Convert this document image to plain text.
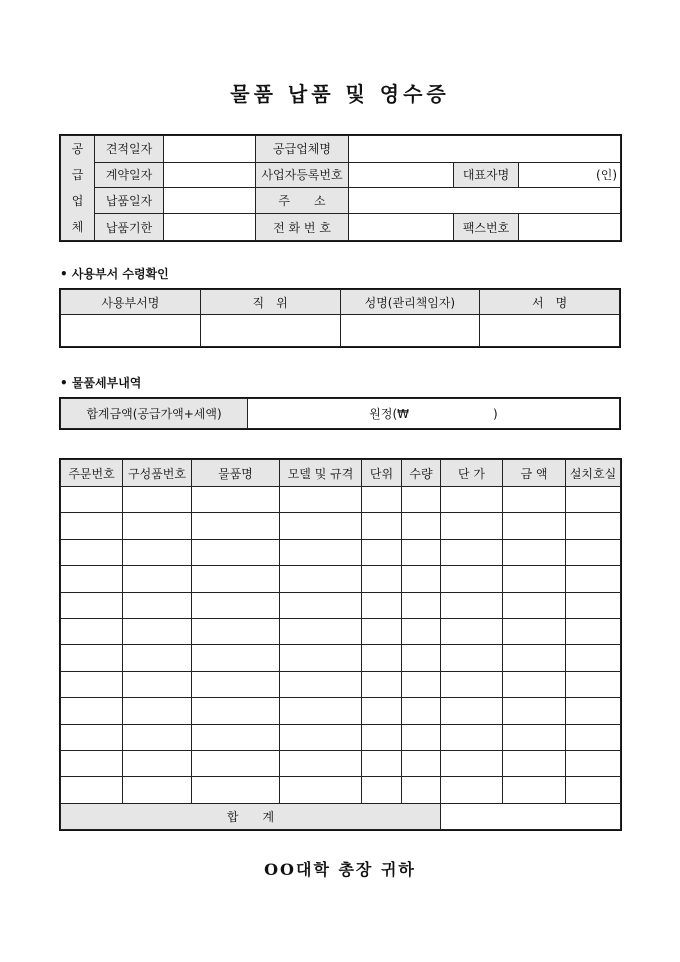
물품 납품 및 영수증
공
급
업
체	견적일자		공급업체명			
	계약일자		사업자등록번호		대표자명	(인)
	납품일자		주　　소			
	납품기한		전 화 번 호		팩스번호	
• 사용부서 수령확인
사용부서명	직　위	성명(관리책임자)	서　명

• 물품세부내역
합계금액(공급가액+세액)	원정(₩　　　　　　　)
주문번호	구성품번호	물품명	모델 및 규격	단위	수량	단 가	금 액	설치호실

합　　계								
OO대학 총장 귀하
